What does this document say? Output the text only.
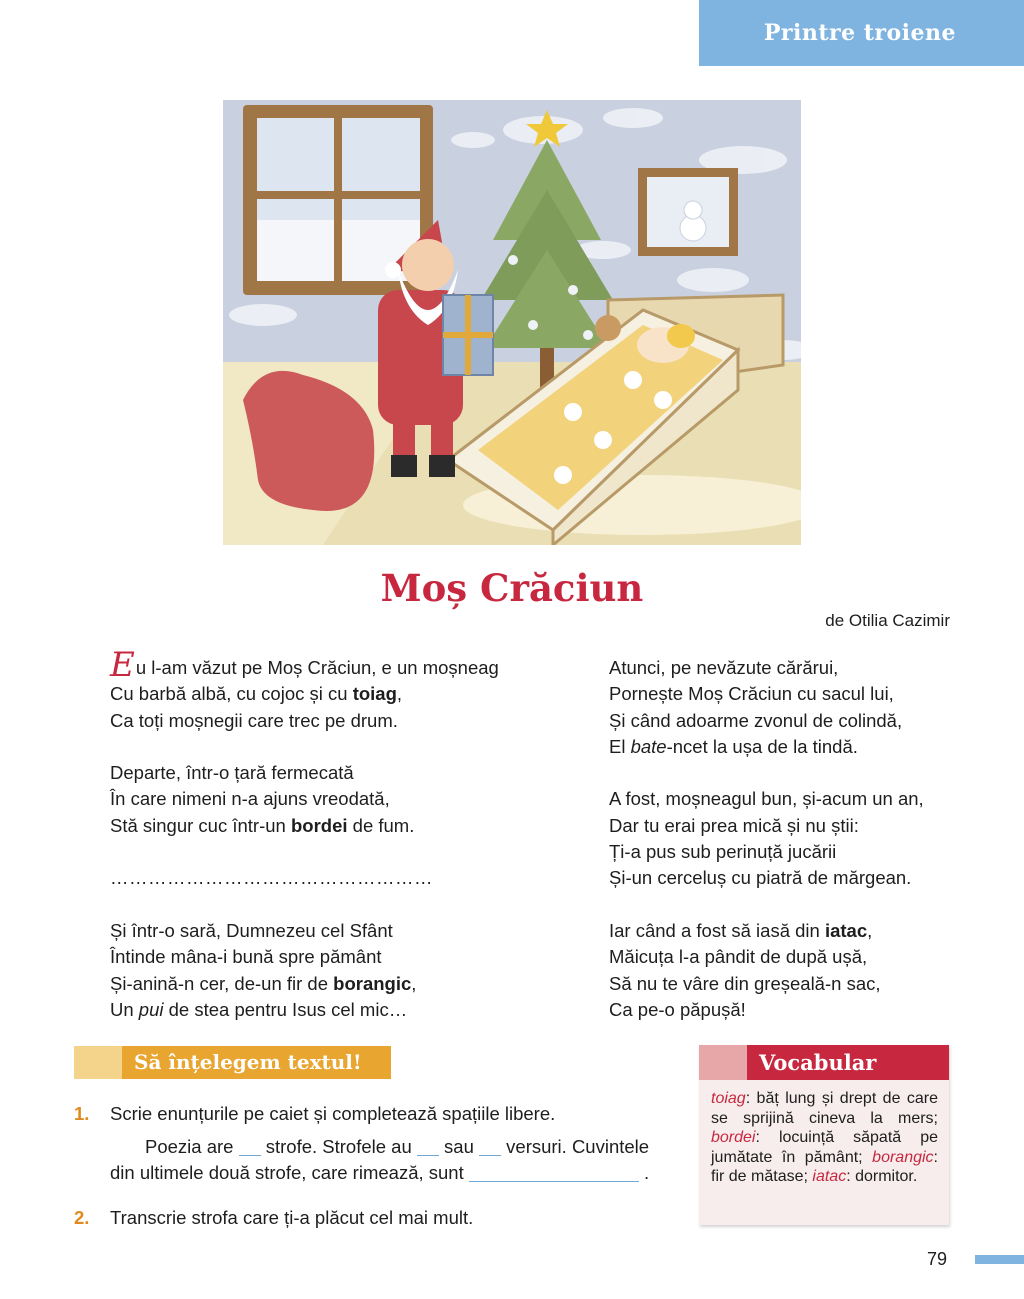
Printre troiene
Moș Crăciun
de Otilia Cazimir

Eu l-am văzut pe Moș Crăciun, e un moșneag

Cu barbă albă, cu cojoc și cu toiag,

Ca toți moșnegii care trec pe drum.

Departe, într-o țară fermecată

În care nimeni n-a ajuns vreodată,

Stă singur cuc într-un bordei de fum.

……………………………………………

Și într-o sară, Dumnezeu cel Sfânt

Întinde mâna-i bună spre pământ

Și-anină-n cer, de-un fir de borangic,

Un pui de stea pentru Isus cel mic…

Atunci, pe nevăzute cărărui,

Pornește Moș Crăciun cu sacul lui,

Și când adoarme zvonul de colindă,

El bate-ncet la ușa de la tindă.

A fost, moșneagul bun, și-acum un an,

Dar tu erai prea mică și nu știi:

Ți-a pus sub perinuță jucării

Și-un cerceluș cu piatră de mărgean.

Iar când a fost să iasă din iatac,

Măicuța l-a pândit de după ușă,

Să nu te vâre din greșeală-n sac,

Ca pe-o păpușă!

Să înțelegem textul!
1. Scrie enunțurile pe caiet și completează spațiile libere.

Poezia are strofe. Strofele au sau versuri. Cuvintele

din ultimele două strofe, care rimează, sunt	.

2. Transcrie strofa care ți-a plăcut cel mai mult.
Vocabular
toiag: băț lung și drept de care se sprijină cineva la mers; bordei: locuință săpată pe jumătate în pământ; borangic: fir de mătase; iatac: dormitor.
79
